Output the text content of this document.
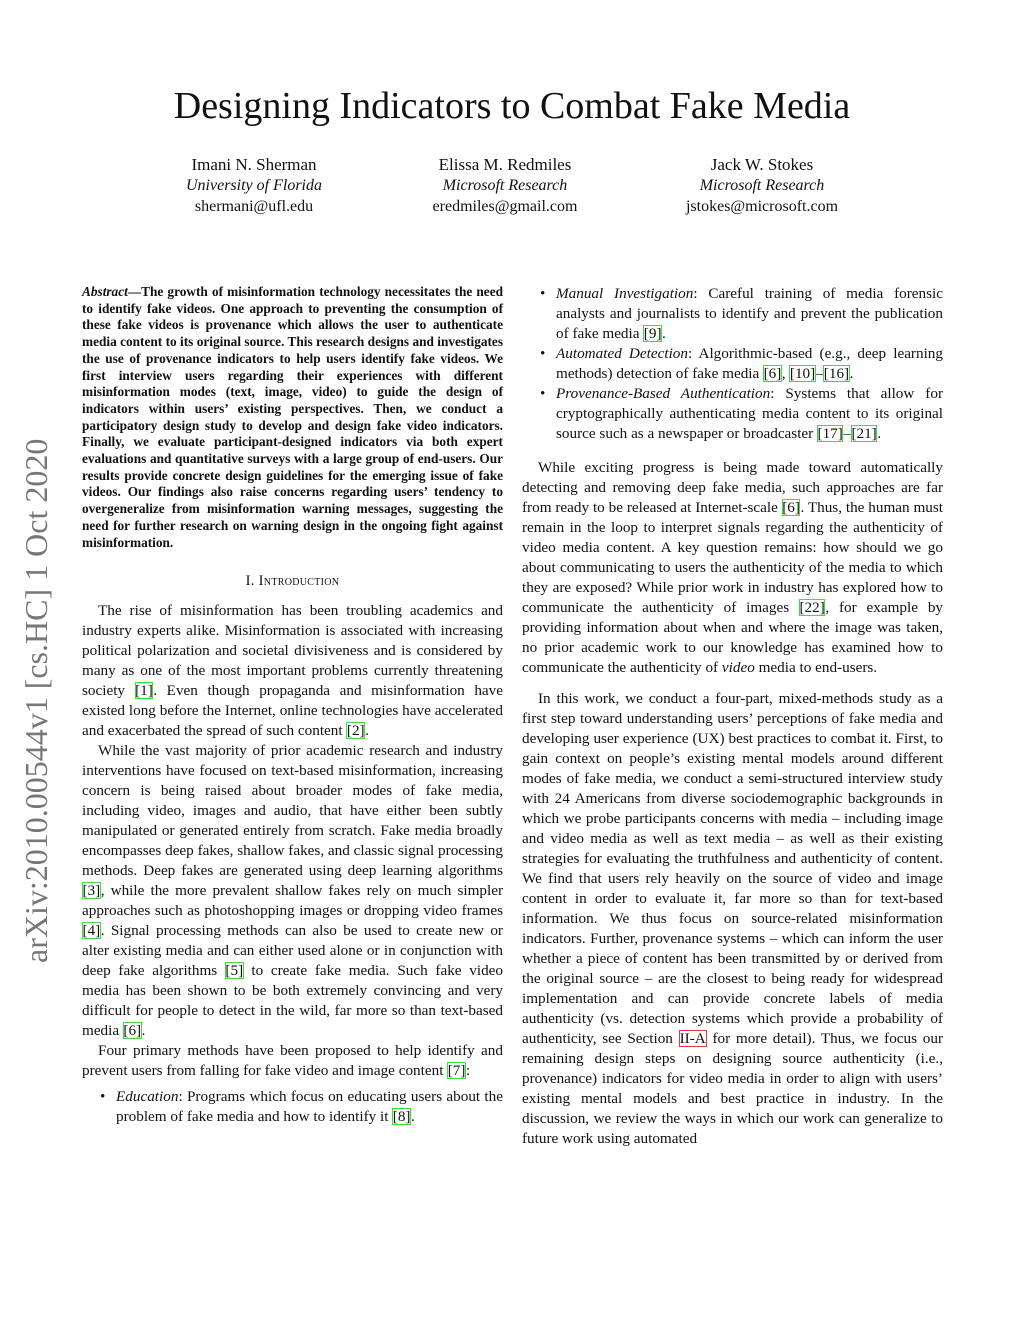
Designing Indicators to Combat Fake Media
Imani N. Sherman
University of Florida
shermani@ufl.edu
Elissa M. Redmiles
Microsoft Research
eredmiles@gmail.com
Jack W. Stokes
Microsoft Research
jstokes@microsoft.com
arXiv:2010.00544v1 [cs.HC] 1 Oct 2020

Abstract—The growth of misinformation technology necessitates the need to identify fake videos. One approach to preventing the consumption of these fake videos is provenance which allows the user to authenticate media content to its original source. This research designs and investigates the use of provenance indicators to help users identify fake videos. We first interview users regarding their experiences with different misinformation modes (text, image, video) to guide the design of indicators within users’ existing perspectives. Then, we conduct a participatory design study to develop and design fake video indicators. Finally, we evaluate participant-designed indicators via both expert evaluations and quantitative surveys with a large group of end-users. Our results provide concrete design guidelines for the emerging issue of fake videos. Our findings also raise concerns regarding users’ tendency to overgeneralize from misinformation warning messages, suggesting the need for further research on warning design in the ongoing fight against misinformation.

I. Introduction

The rise of misinformation has been troubling academics and industry experts alike. Misinformation is associated with increasing political polarization and societal divisiveness and is considered by many as one of the most important problems currently threatening society [1]. Even though propaganda and misinformation have existed long before the Internet, online technologies have accelerated and exacerbated the spread of such content [2].

While the vast majority of prior academic research and industry interventions have focused on text-based misinformation, increasing concern is being raised about broader modes of fake media, including video, images and audio, that have either been subtly manipulated or generated entirely from scratch. Fake media broadly encompasses deep fakes, shallow fakes, and classic signal processing methods. Deep fakes are generated using deep learning algorithms [3], while the more prevalent shallow fakes rely on much simpler approaches such as photoshopping images or dropping video frames [4]. Signal processing methods can also be used to create new or alter existing media and can either used alone or in conjunction with deep fake algorithms [5] to create fake media. Such fake video media has been shown to be both extremely convincing and very difficult for people to detect in the wild, far more so than text-based media [6].

Four primary methods have been proposed to help identify and prevent users from falling for fake video and image content [7]:

• Education: Programs which focus on educating users about the problem of fake media and how to identify it [8].
• Manual Investigation: Careful training of media forensic analysts and journalists to identify and prevent the publication of fake media [9].
• Automated Detection: Algorithmic-based (e.g., deep learning methods) detection of fake media [6], [10]–[16].
• Provenance-Based Authentication: Systems that allow for cryptographically authenticating media content to its original source such as a newspaper or broadcaster [17]–[21].

While exciting progress is being made toward automatically detecting and removing deep fake media, such approaches are far from ready to be released at Internet-scale [6]. Thus, the human must remain in the loop to interpret signals regarding the authenticity of video media content. A key question remains: how should we go about communicating to users the authenticity of the media to which they are exposed? While prior work in industry has explored how to communicate the authenticity of images [22], for example by providing information about when and where the image was taken, no prior academic work to our knowledge has examined how to communicate the authenticity of video media to end-users.

In this work, we conduct a four-part, mixed-methods study as a first step toward understanding users’ perceptions of fake media and developing user experience (UX) best practices to combat it. First, to gain context on people’s existing mental models around different modes of fake media, we conduct a semi-structured interview study with 24 Americans from diverse sociodemographic backgrounds in which we probe participants concerns with media – including image and video media as well as text media – as well as their existing strategies for evaluating the truthfulness and authenticity of content. We find that users rely heavily on the source of video and image content in order to evaluate it, far more so than for text-based information. We thus focus on source-related misinformation indicators. Further, provenance systems – which can inform the user whether a piece of content has been transmitted by or derived from the original source – are the closest to being ready for widespread implementation and can provide concrete labels of media authenticity (vs. detection systems which provide a probability of authenticity, see Section II-A for more detail). Thus, we focus our remaining design steps on designing source authenticity (i.e., provenance) indicators for video media in order to align with users’ existing mental models and best practice in industry. In the discussion, we review the ways in which our work can generalize to future work using automated
